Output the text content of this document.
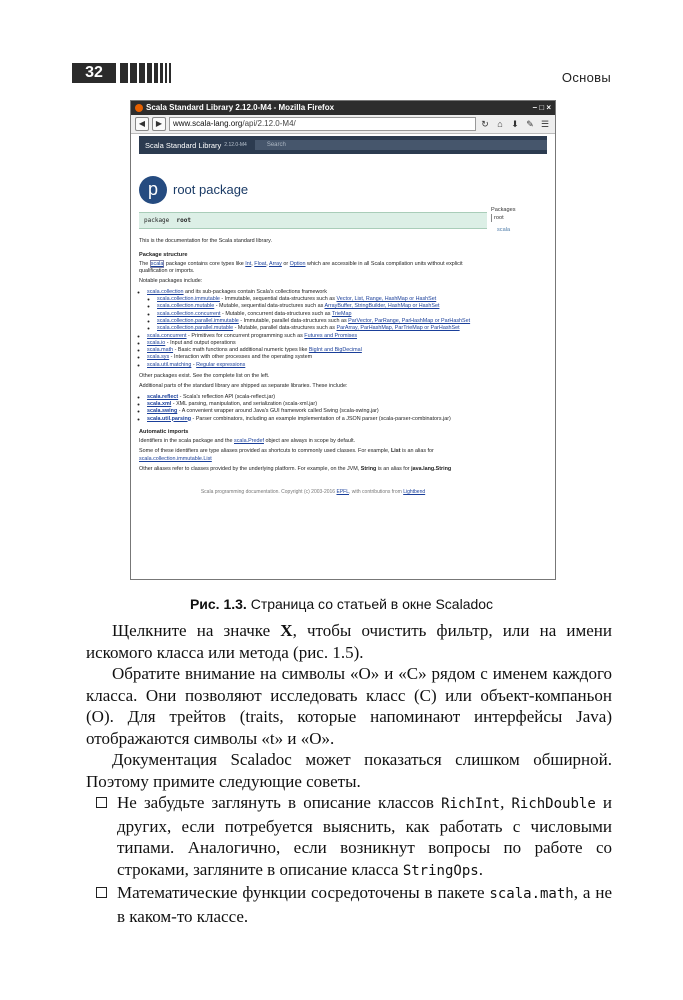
32	Основы
Scala Standard Library 2.12.0-M4 - Mozilla Firefox	– □ ×
◀	▶	www.scala-lang.org/api/2.12.0-M4/	↻ ⌂ ⬇ ✎ ☰
Scala Standard Library 2.12.0-M4	Search
p	root package
package root

This is the documentation for the Scala standard library.

Package structure

The scala package contains core types like Int, Float, Array or Option which are accessible in all Scala compilation units without explicit qualification or imports.

Notable packages include:

◦ scala.collection and its sub-packages contain Scala's collections framework
◦ scala.collection.immutable - Immutable, sequential data-structures such as Vector, List, Range, HashMap or HashSet
◦ scala.collection.mutable - Mutable, sequential data-structures such as ArrayBuffer, StringBuilder, HashMap or HashSet
◦ scala.collection.concurrent - Mutable, concurrent data-structures such as TrieMap
◦ scala.collection.parallel.immutable - Immutable, parallel data-structures such as ParVector, ParRange, ParHashMap or ParHashSet
◦ scala.collection.parallel.mutable - Mutable, parallel data-structures such as ParArray, ParHashMap, ParTrieMap or ParHashSet
◦ scala.concurrent - Primitives for concurrent programming such as Futures and Promises
◦ scala.io - Input and output operations
◦ scala.math - Basic math functions and additional numeric types like BigInt and BigDecimal
◦ scala.sys - Interaction with other processes and the operating system
◦ scala.util.matching - Regular expressions

Other packages exist. See the complete list on the left.

Additional parts of the standard library are shipped as separate libraries. These include:

◦ scala.reflect - Scala's reflection API (scala-reflect.jar)
◦ scala.xml - XML parsing, manipulation, and serialization (scala-xml.jar)
◦ scala.swing - A convenient wrapper around Java's GUI framework called Swing (scala-swing.jar)
◦ scala.util.parsing - Parser combinators, including an example implementation of a JSON parser (scala-parser-combinators.jar)
Automatic imports

Identifiers in the scala package and the scala.Predef object are always in scope by default.

Some of these identifiers are type aliases provided as shortcuts to commonly used classes. For example, List is an alias for scala.collection.immutable.List

Other aliases refer to classes provided by the underlying platform. For example, on the JVM, String is an alias for java.lang.String

Scala programming documentation. Copyright (c) 2003-2016 EPFL, with contributions from Lightbend
Packages
root
scala
Рис. 1.3. Страница со статьей в окне Scaladoc

Щелкните на значке X, чтобы очистить фильтр, или на имени искомого класса или метода (рис. 1.5).

Обратите внимание на символы «O» и «C» рядом с именем каждого класса. Они позволяют исследовать класс (C) или объект-компаньон (O). Для трейтов (traits, которые напоминают интерфейсы Java) отображаются символы «t» и «O».

Документация Scaladoc может показаться слишком обширной. Поэтому примите следующие советы.

Не забудьте заглянуть в описание классов RichInt, RichDouble и других, если потребуется выяснить, как работать с числовыми типами. Аналогично, если возникнут вопросы по работе со строками, загляните в описание класса StringOps.
Математические функции сосредоточены в пакете scala.math, а не в каком-то классе.
